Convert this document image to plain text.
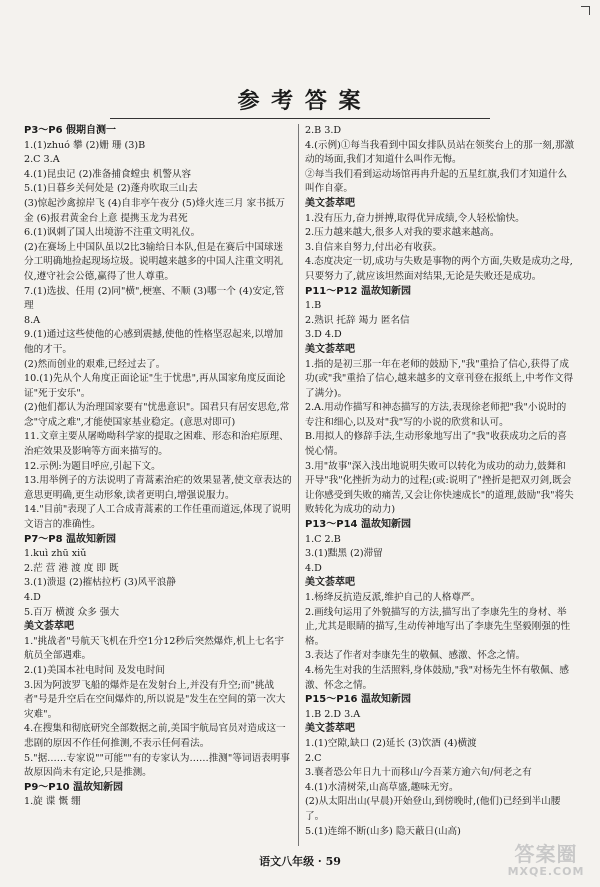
参 考 答 案
P3～P6 假期自测一
1.(1)zhuó 攀 (2)姗 珊 (3)B
2.C 3.A
4.(1)昆虫记 (2)准备捕食螳虫 机警从容
5.(1)日暮乡关何处是 (2)蓬舟吹取三山去
(3)惊起沙禽掠岸飞 (4)自非亭午夜分 (5)烽火连三月 家书抵万金 (6)报君黄金台上意 提携玉龙为君死
6.(1)讽刺了国人出境游不注重文明礼仪。
(2)在赛场上中国队虽以2比3输给日本队,但是在赛后中国球迷分工明确地捡起现场垃圾。说明越来越多的中国人注重文明礼仪,遵守社会公德,赢得了世人尊重。
7.(1)选拔、任用 (2)同"横",梗塞、不顺 (3)哪一个 (4)安定,管理
8.A
9.(1)通过这些使他的心感到震撼,使他的性格坚忍起来,以增加他的才干。
(2)然而创业的艰难,已经过去了。
10.(1)先从个人角度正面论证"生于忧患",再从国家角度反面论证"死于安乐"。
(2)他们都认为治理国家要有"忧患意识"。国君只有居安思危,常念"守成之难",才能使国家基业稳定。(意思对即可)
11.文章主要从屠呦呦科学家的提取之困难、形态和治疟原理、治疟效果及影响等方面来描写的。
12.示例:为题目呼应,引起下文。
13.用举例子的方法说明了青蒿素治疟的效果显著,使文章表达的意思更明确,更生动形象,读者更明白,增强说服力。
14."目前"表现了人工合成青蒿素的工作任重而道远,体现了说明文语言的准确性。
P7～P8 温故知新园
1.kuì zhū xiǔ
2.茫 营 港 渡 度 即 既
3.(1)溃退 (2)摧枯拉朽 (3)风平浪静
4.D
5.百万 横渡 众多 强大
美文荟萃吧
1."挑战者"号航天飞机在升空1分12秒后突然爆炸,机上七名宇航员全部遇难。
2.(1)美国本社电时间 及发电时间
3.因为阿波罗飞船的爆炸是在发射台上,并没有升空;而"挑战者"号是升空后在空间爆炸的,所以说是"发生在空间的第一次大灾难"。
4.在搜集和彻底研究全部数据之前,美国宇航局官员对造成这一悲剧的原因不作任何推测,不表示任何看法。
5."据……专家说""可能""有的专家认为……推测"等词语表明事故原因尚未有定论,只是推测。
P9～P10 温故知新园
1.旋 谍 慨 绷
2.B 3.D
4.(示例)①每当我看到中国女排队员站在领奖台上的那一刻,那激动的场面,我们才知道什么叫作无悔。
②每当我们看到运动场馆再冉升起的五星红旗,我们才知道什么叫作自豪。
美文荟萃吧
1.没有压力,奋力拼搏,取得优异成绩,令人轻松愉快。
2.压力越来越大,很多人对我的要求越来越高。
3.自信来自努力,付出必有收获。
4.态度决定一切,成功与失败是事物的两个方面,失败是成功之母,只要努力了,就应该坦然面对结果,无论是失败还是成功。
P11～P12 温故知新园
1.B
2.熟识 托辞 竭力 匿名信
3.D 4.D
美文荟萃吧
1.指的是初三那一年在老师的鼓励下,"我"重拾了信心,获得了成功(或"我"重拾了信心,越来越多的文章刊登在报纸上,中考作文得了满分)。
2.A.用动作描写和神态描写的方法,表现徐老师把"我"小说时的专注和细心,以及对"我"写的小说的欣赏和认可。
B.用拟人的修辞手法,生动形象地写出了"我"收获成功之后的喜悦心情。
3.用"故事"深入浅出地说明失败可以转化为成功的动力,鼓舞和开导"我"化挫折为动力的过程;(或:说明了"挫折是把双刃剑,既会让你感受到失败的痛苦,又会让你快速成长"的道理,鼓励"我"将失败转化为成功的动力)
P13～P14 温故知新园
1.C 2.B
3.(1)黜黑 (2)滞留
4.D
美文荟萃吧
1.杨绛反抗造反派,维护自己的人格尊严。
2.画线句运用了外貌描写的方法,描写出了李康先生的身材、举止,尤其是眼睛的描写,生动传神地写出了李康先生坚毅刚强的性格。
3.表达了作者对李康先生的敬佩、感激、怀念之情。
4.杨先生对我的生活照料,身体鼓励,"我"对杨先生怀有敬佩、感激、怀念之情。
P15～P16 温故知新园
1.B 2.D 3.A
美文荟萃吧
1.(1)空隙,缺口 (2)延长 (3)饮酒 (4)横渡
2.C
3.襄者恐公年日九十而移山/今吾莱方逾六旬/何老之有
4.(1)水清树荣,山高草盛,趣味无穷。
(2)从太阳出山(早晨)开始登山,到傍晚时,(他们)已经到半山腰了。
5.(1)连绵不断(山多) 隐天蔽日(山高)
语文八年级 · 59	答案圈
MXQE.COM
